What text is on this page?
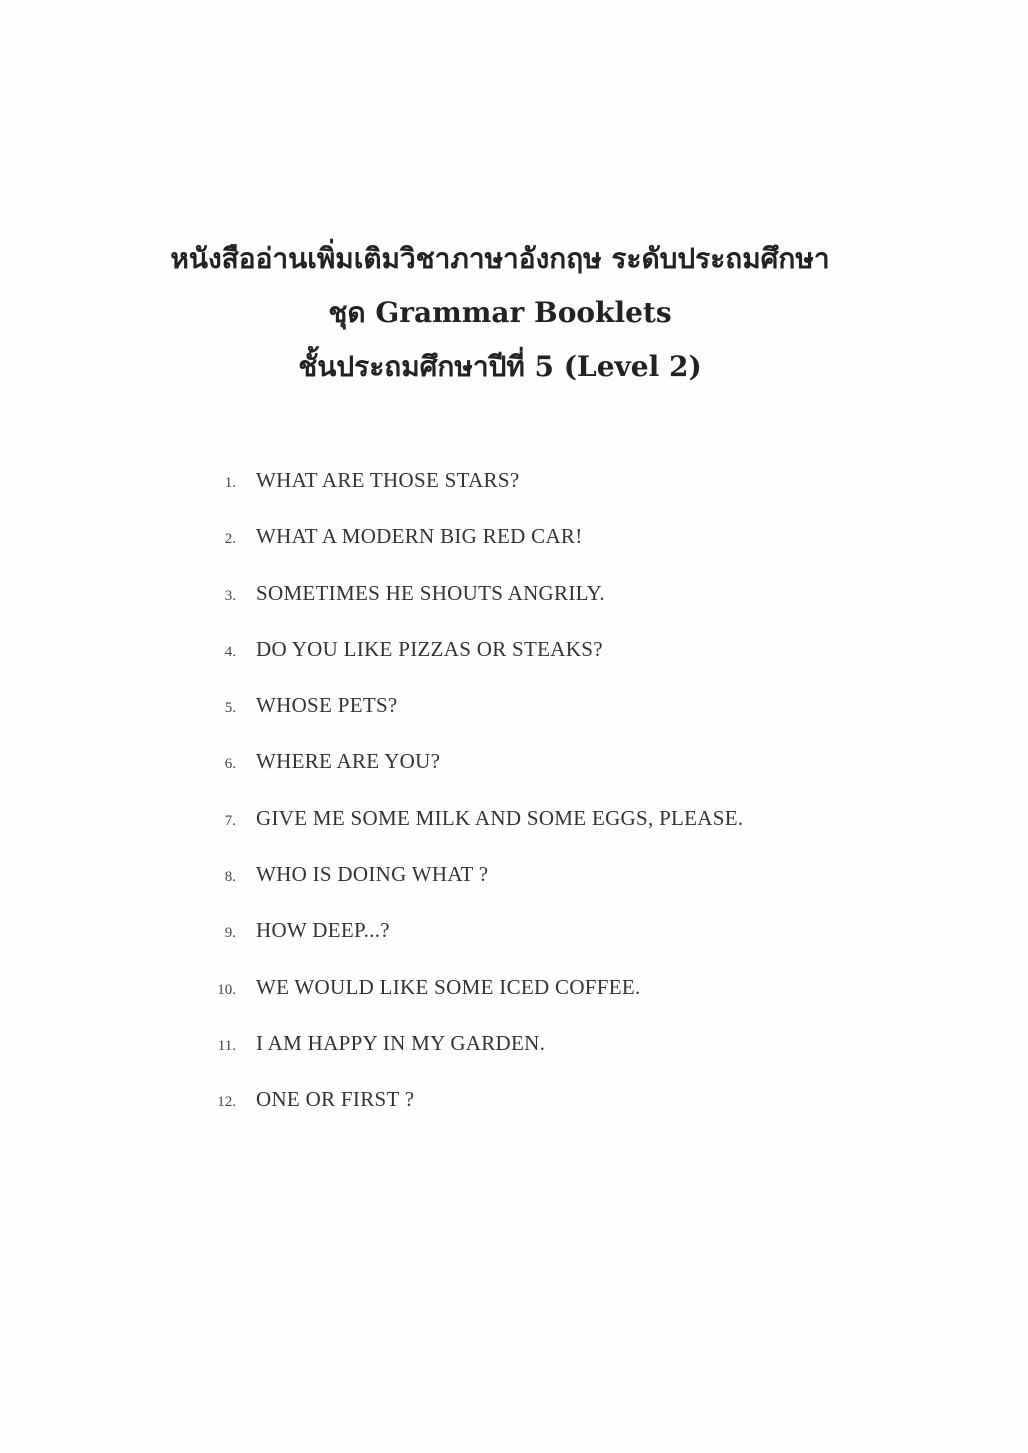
หนังสืออ่านเพิ่มเติมวิชาภาษาอังกฤษ ระดับประถมศึกษา
ชุด Grammar Booklets
ชั้นประถมศึกษาปีที่ 5 (Level 2)
1. WHAT ARE THOSE STARS?
2. WHAT A MODERN BIG RED CAR!
3. SOMETIMES HE SHOUTS ANGRILY.
4. DO YOU LIKE PIZZAS OR STEAKS?
5. WHOSE PETS?
6. WHERE ARE YOU?
7. GIVE ME SOME MILK AND SOME EGGS, PLEASE.
8. WHO IS DOING WHAT ?
9. HOW DEEP...?
10. WE WOULD LIKE SOME ICED COFFEE.
11. I AM HAPPY IN MY GARDEN.
12. ONE OR FIRST ?
